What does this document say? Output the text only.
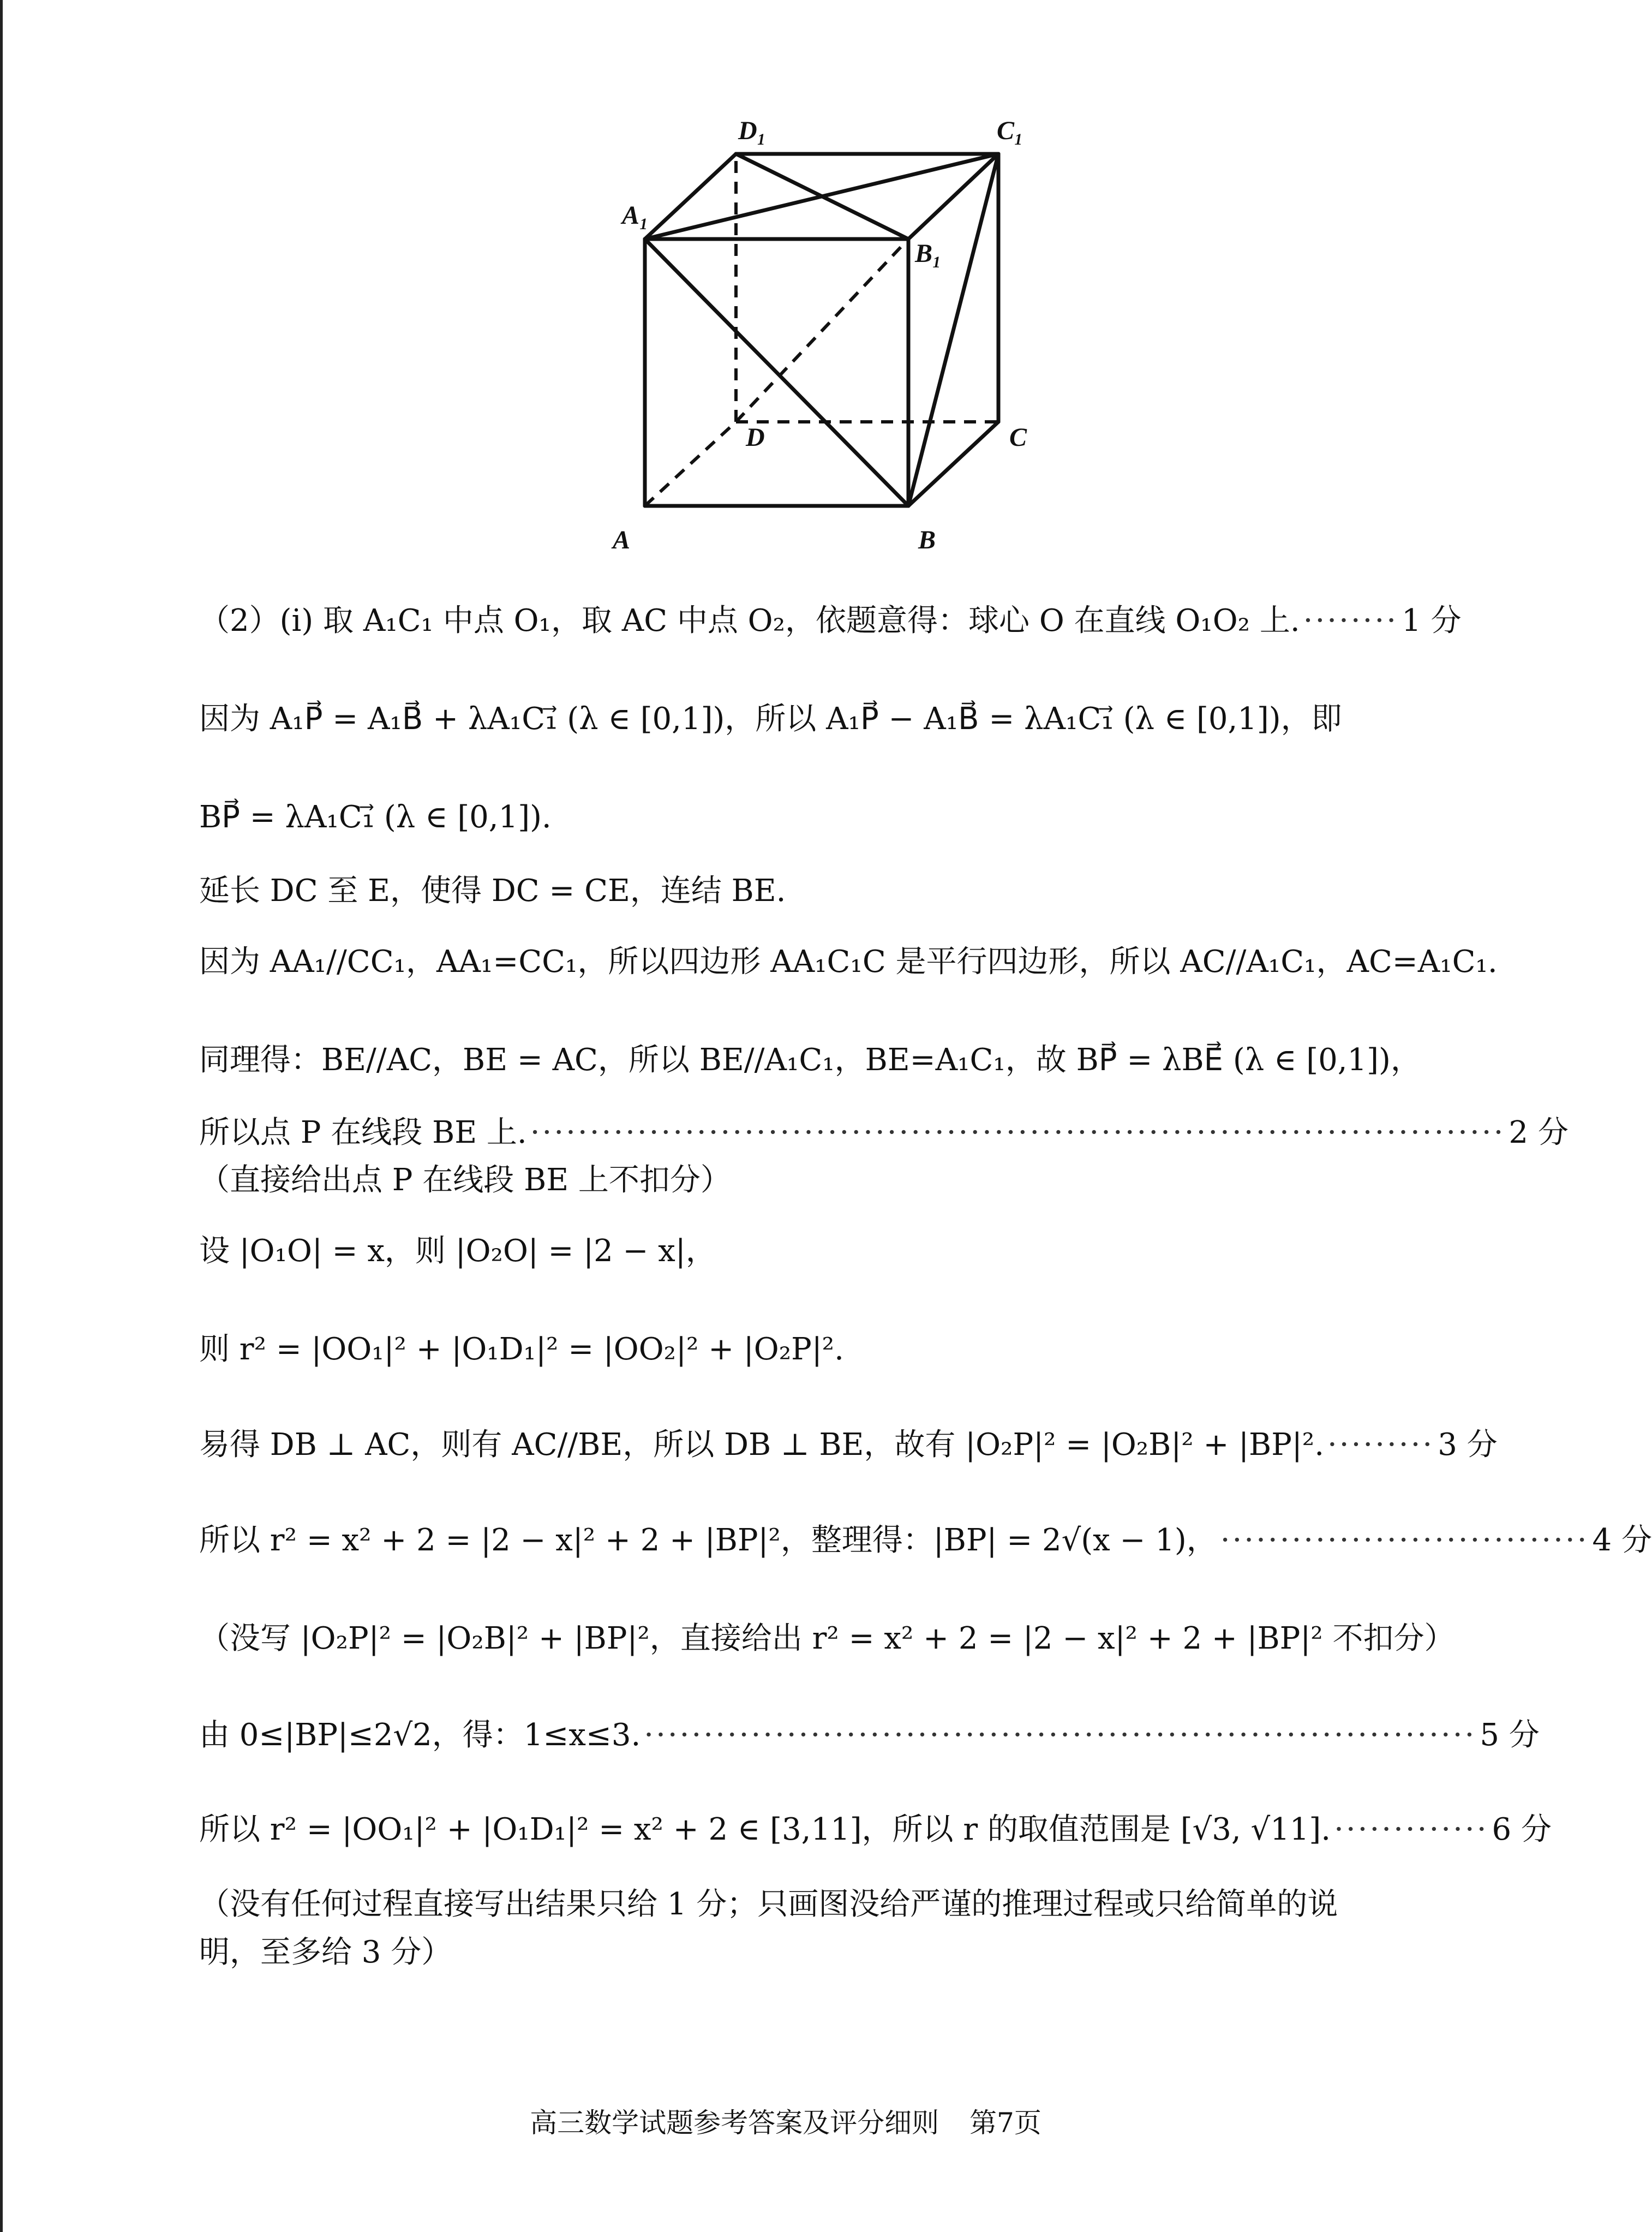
A	B
C
D
A₁
B₁
C₁
D₁
（2）(ⅰ) 取 A₁C₁ 中点 O₁，取 AC 中点 O₂，依题意得：球心 O 在直线 O₁O₂ 上. ········ 1 分
因为 A₁P⃗ = A₁B⃗ + λA₁C₁⃗ (λ ∈ [0,1])，所以 A₁P⃗ − A₁B⃗ = λA₁C₁⃗ (λ ∈ [0,1])，即
BP⃗ = λA₁C₁⃗ (λ ∈ [0,1]).
延长 DC 至 E，使得 DC = CE，连结 BE.
因为 AA₁//CC₁，AA₁=CC₁，所以四边形 AA₁C₁C 是平行四边形，所以 AC//A₁C₁，AC=A₁C₁.
同理得：BE//AC，BE = AC，所以 BE//A₁C₁，BE=A₁C₁，故 BP⃗ = λBE⃗ (λ ∈ [0,1])，
所以点 P 在线段 BE 上. ·················································································· 2 分
（直接给出点 P 在线段 BE 上不扣分）
设 |O₁O| = x，则 |O₂O| = |2 − x|，
则 r² = |OO₁|² + |O₁D₁|² = |OO₂|² + |O₂P|².
易得 DB ⊥ AC，则有 AC//BE，所以 DB ⊥ BE，故有 |O₂P|² = |O₂B|² + |BP|². ········· 3 分
所以 r² = x² + 2 = |2 − x|² + 2 + |BP|²，整理得：|BP| = 2√(x − 1)， ······························· 4 分
（没写 |O₂P|² = |O₂B|² + |BP|²，直接给出 r² = x² + 2 = |2 − x|² + 2 + |BP|² 不扣分）
由 0≤|BP|≤2√2，得：1≤x≤3. ······································································ 5 分
所以 r² = |OO₁|² + |O₁D₁|² = x² + 2 ∈ [3,11]，所以 r 的取值范围是 [√3, √11]. ············· 6 分
（没有任何过程直接写出结果只给 1 分；只画图没给严谨的推理过程或只给简单的说
明，至多给 3 分）
高三数学试题参考答案及评分细则 第7页
